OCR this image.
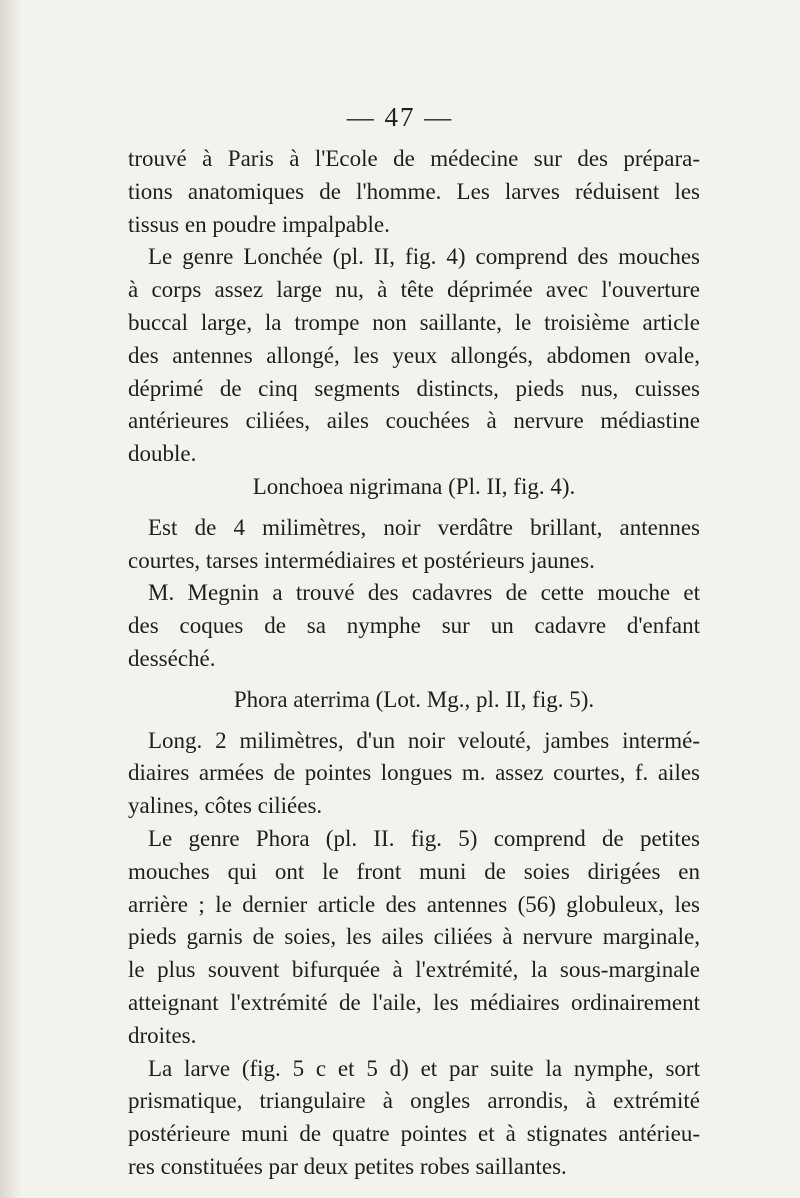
— 47 —
trouvé à Paris à l'Ecole de médecine sur des prépara-
tions anatomiques de l'homme. Les larves réduisent les
tissus en poudre impalpable.
Le genre Lonchée (pl. II, fig. 4) comprend des mouches
à corps assez large nu, à tête déprimée avec l'ouverture
buccal large, la trompe non saillante, le troisième article
des antennes allongé, les yeux allongés, abdomen ovale,
déprimé de cinq segments distincts, pieds nus, cuisses
antérieures ciliées, ailes couchées à nervure médiastine
double.
Lonchoea nigrimana (Pl. II, fig. 4).
Est de 4 milimètres, noir verdâtre brillant, antennes
courtes, tarses intermédiaires et postérieurs jaunes.
M. Megnin a trouvé des cadavres de cette mouche et
des coques de sa nymphe sur un cadavre d'enfant
desséché.
Phora aterrima (Lot. Mg., pl. II, fig. 5).
Long. 2 milimètres, d'un noir velouté, jambes intermé-
diaires armées de pointes longues m. assez courtes, f. ailes
yalines, côtes ciliées.
Le genre Phora (pl. II. fig. 5) comprend de petites
mouches qui ont le front muni de soies dirigées en
arrière ; le dernier article des antennes (56) globuleux, les
pieds garnis de soies, les ailes ciliées à nervure marginale,
le plus souvent bifurquée à l'extrémité, la sous-marginale
atteignant l'extrémité de l'aile, les médiaires ordinairement
droites.
La larve (fig. 5 c et 5 d) et par suite la nymphe, sort
prismatique, triangulaire à ongles arrondis, à extrémité
postérieure muni de quatre pointes et à stignates antérieu-
res constituées par deux petites robes saillantes.
